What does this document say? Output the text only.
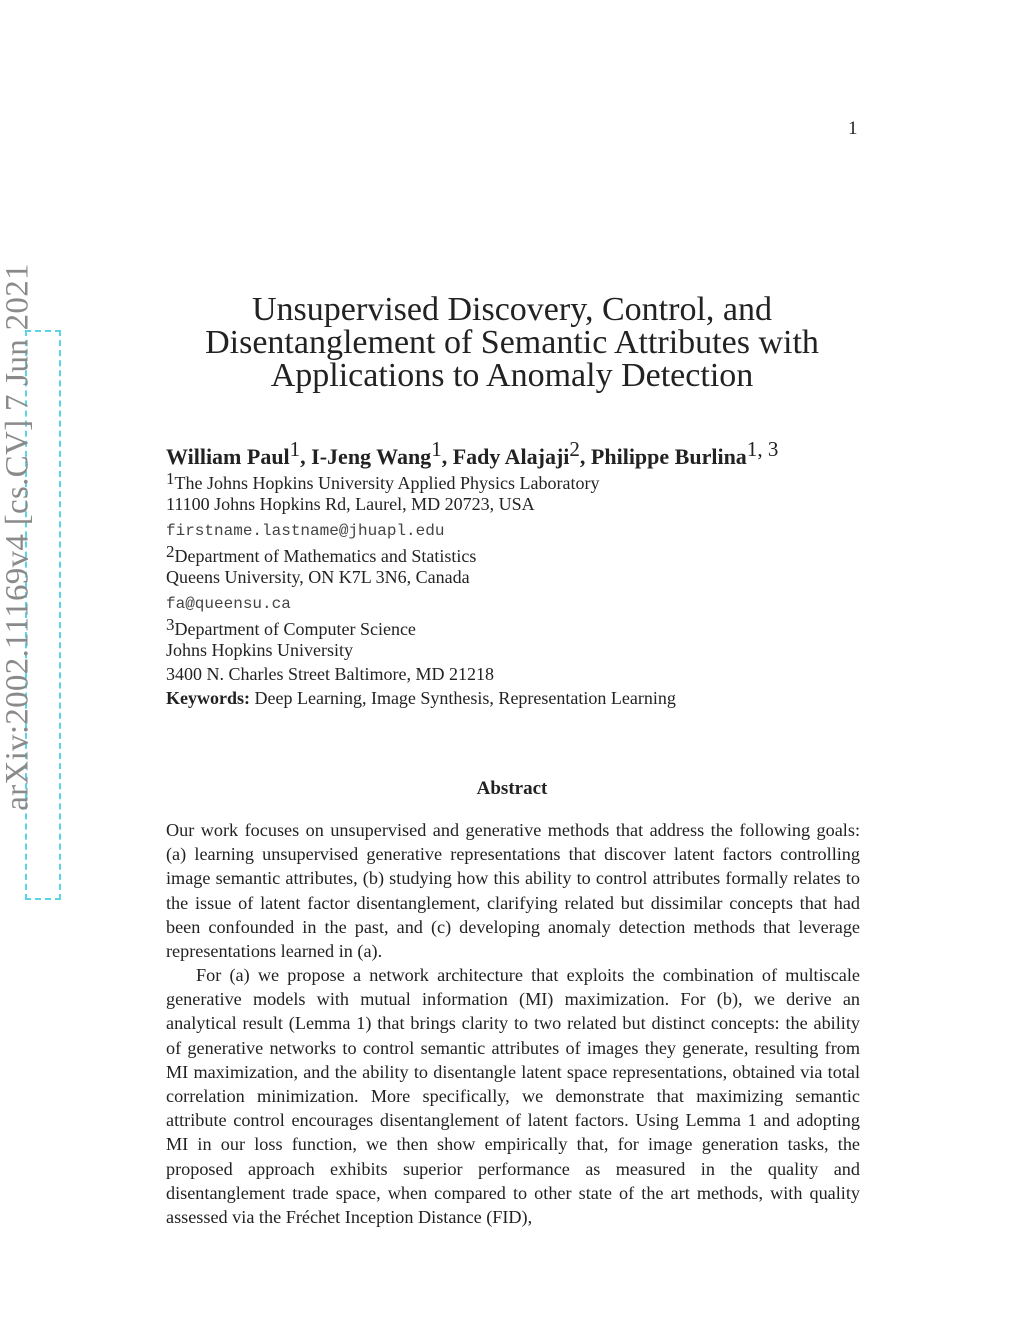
1
arXiv:2002.11169v4 [cs.CV] 7 Jun 2021	Unsupervised Discovery, Control, and
Disentanglement of Semantic Attributes with
Applications to Anomaly Detection
William Paul$^1$, I-Jeng Wang$^1$, Fady Alajaji$^2$, Philippe Burlina$^{1, 3}$
$^1$The Johns Hopkins University Applied Physics Laboratory
11100 Johns Hopkins Rd, Laurel, MD 20723, USA
firstname.lastname@jhuapl.edu
$^2$Department of Mathematics and Statistics
Queens University, ON K7L 3N6, Canada
fa@queensu.ca
$^3$Department of Computer Science
Johns Hopkins University
3400 N. Charles Street Baltimore, MD 21218
Keywords: Deep Learning, Image Synthesis, Representation Learning
Abstract
Our work focuses on unsupervised and generative methods that address the following goals: (a) learning unsupervised generative representations that discover latent factors controlling image semantic attributes, (b) studying how this ability to control attributes formally relates to the issue of latent factor disentanglement, clarifying related but dissimilar concepts that had been confounded in the past, and (c) developing anomaly detection methods that leverage representations learned in (a).
For (a) we propose a network architecture that exploits the combination of multiscale generative models with mutual information (MI) maximization. For (b), we derive an analytical result (Lemma 1) that brings clarity to two related but distinct concepts: the ability of generative networks to control semantic attributes of images they generate, resulting from MI maximization, and the ability to disentangle latent space representations, obtained via total correlation minimization. More specifically, we demonstrate that maximizing semantic attribute control encourages disentanglement of latent factors. Using Lemma 1 and adopting MI in our loss function, we then show empirically that, for image generation tasks, the proposed approach exhibits superior performance as measured in the quality and disentanglement trade space, when compared to other state of the art methods, with quality assessed via the Fréchet Inception Distance (FID),
